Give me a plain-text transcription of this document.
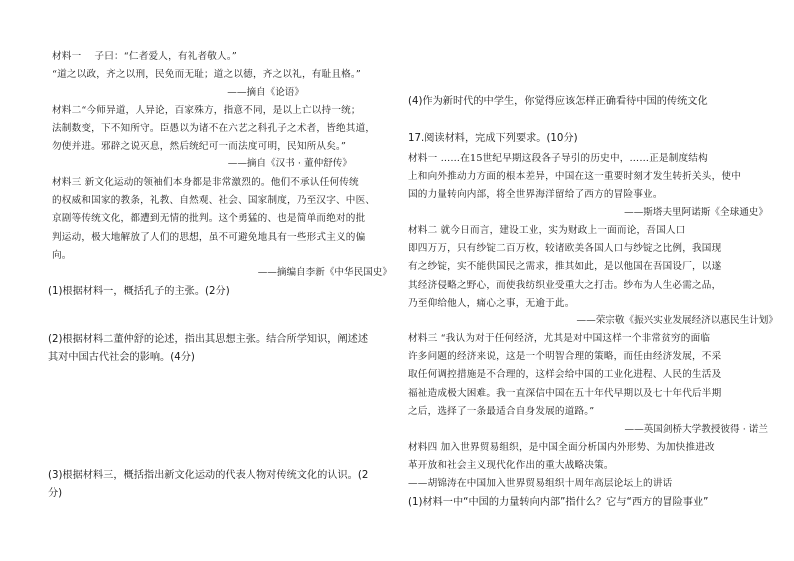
材料一　 子曰：“仁者爱人，有礼者敬人。”
“道之以政，齐之以刑，民免而无耻；道之以德，齐之以礼，有耻且格。”
——摘自《论语》
材料二“今师异道，人异论，百家殊方，指意不同，是以上亡以持一统；
法制数变，下不知所守。臣愚以为诸不在六艺之科孔子之术者，皆绝其道，
勿使并进。邪辟之说灭息，然后统纪可一而法度可明，民知所从矣。”
——摘自《汉书 · 董仲舒传》
材料三 新文化运动的领袖们本身都是非常激烈的。他们不承认任何传统
的权威和国家的教条，礼教、自然观、社会、国家制度，乃至汉字、中医、
京剧等传统文化，都遭到无情的批判。这个勇猛的、也是简单而绝对的批
判运动，极大地解放了人们的思想，虽不可避免地具有一些形式主义的偏
向。
——摘编自李新《中华民国史》
(1)根据材料一，概括孔子的主张。(2分)
(2)根据材料二董仲舒的论述，指出其思想主张。结合所学知识，阐述述
其对中国古代社会的影响。(4分)
(3)根据材料三，概括指出新文化运动的代表人物对传统文化的认识。(2
分)
(4)作为新时代的中学生，你觉得应该怎样正确看待中国的传统文化
17.阅读材料，完成下列要求。(10分)
材料一 ……在15世纪早期这段各子导引的历史中，……正是制度结构
上和向外推动力方面的根本差异，中国在这一重要时刻才发生转折关头，使中
国的力量转向内部，将全世界海洋留给了西方的冒险事业。
——斯塔夫里阿诺斯《全球通史》
材料二 就今日而言，建设工业，实为财政上一面而论，吾国人口
即四万万，只有纱锭二百万枚，较诸欧美各国人口与纱锭之比例，我国现
有之纱锭，实不能供国民之需求，推其如此，是以他国在吾国设厂，以遂
其经济侵略之野心，而使我纺织业受重大之打击。纱布为人生必需之品，
乃至仰给他人，痛心之事，无逾于此。
——荣宗敬《振兴实业发展经济以惠民生计划》
材料三 “我认为对于任何经济，尤其是对中国这样一个非常贫穷的面临
许多问题的经济来说，这是一个明智合理的策略，而任由经济发展，不采
取任何调控措施是不合理的，这样会给中国的工业化进程、人民的生活及
福祉造成极大困难。我一直深信中国在五十年代早期以及七十年代后半期
之后，选择了一条最适合自身发展的道路。”
——英国剑桥大学教授彼得 · 诺兰
材料四 加入世界贸易组织，是中国全面分析国内外形势、为加快推进改
革开放和社会主义现代化作出的重大战略决策。
——胡锦涛在中国加入世界贸易组织十周年高层论坛上的讲话
(1)材料一中“中国的力量转向内部”指什么？它与“西方的冒险事业”
